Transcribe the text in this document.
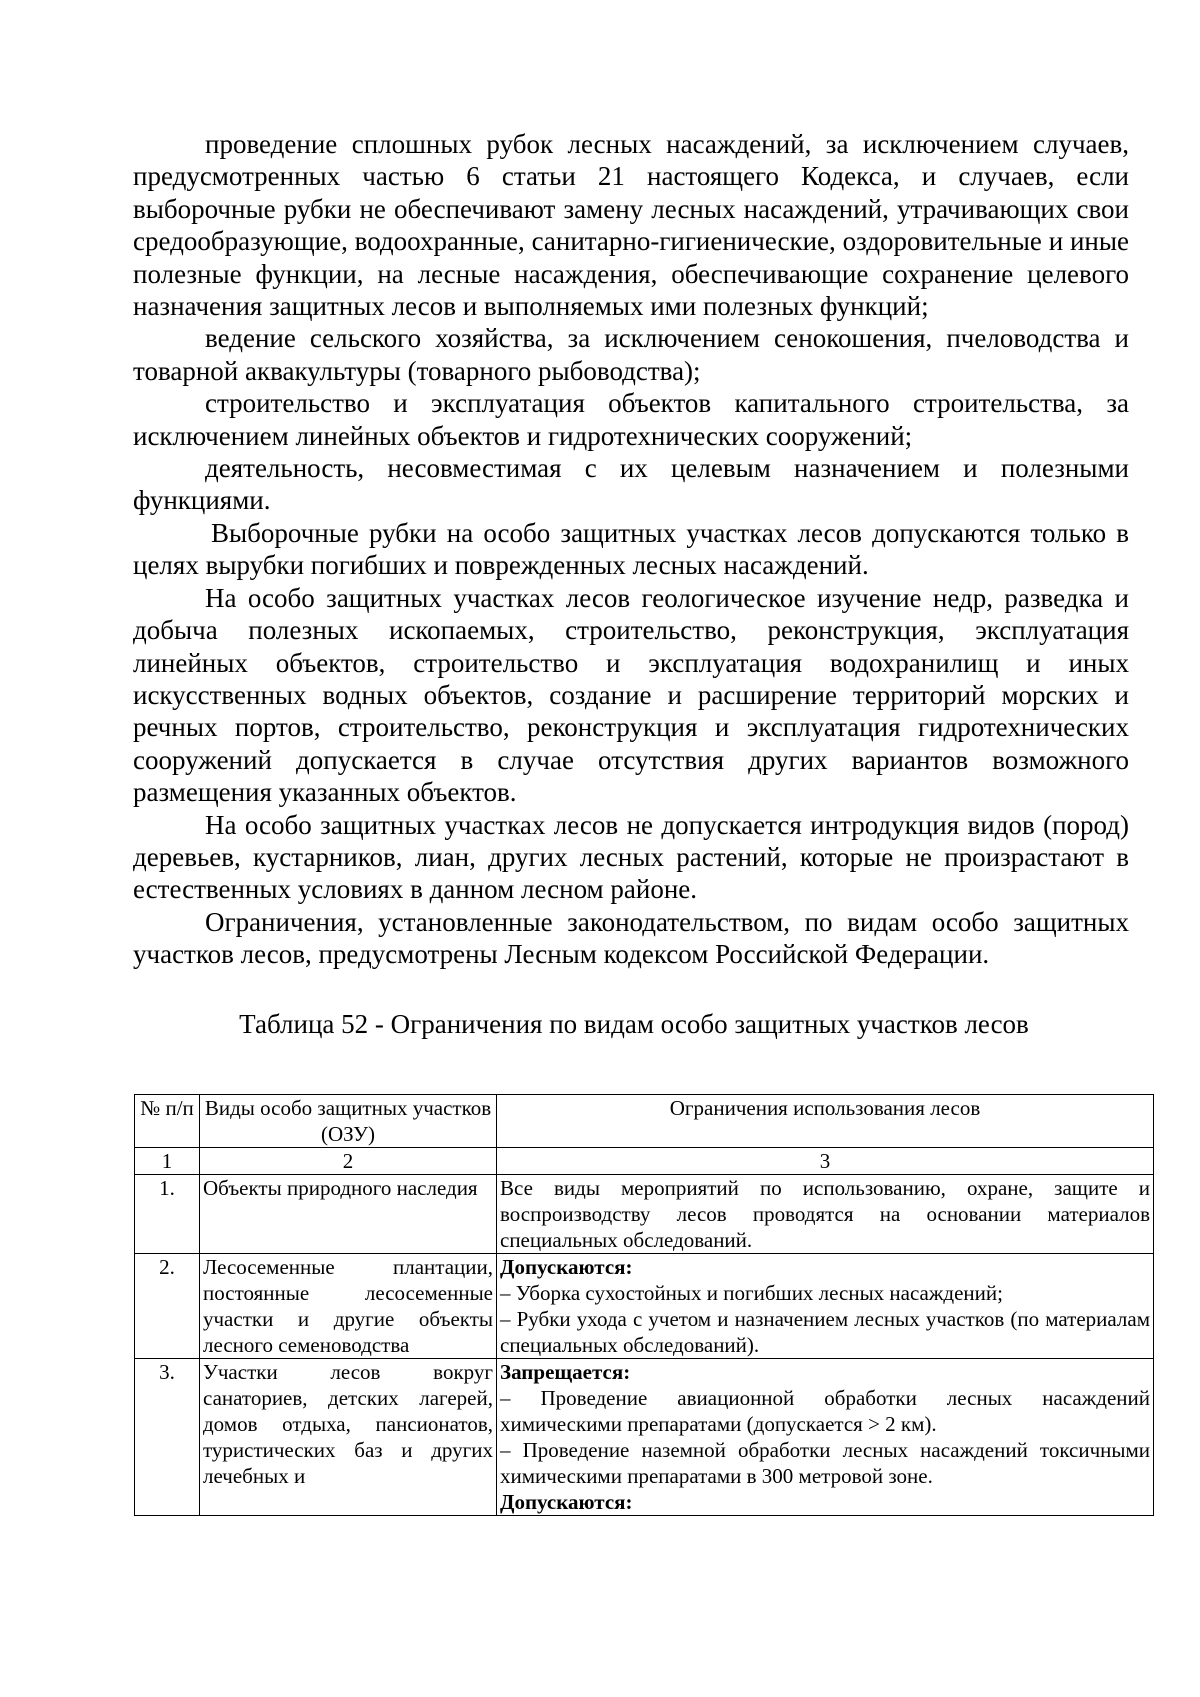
проведение сплошных рубок лесных насаждений, за исключением случаев, предусмотренных частью 6 статьи 21 настоящего Кодекса, и случаев, если выборочные рубки не обеспечивают замену лесных насаждений, утрачивающих свои средообразующие, водоохранные, санитарно-гигиенические, оздоровительные и иные полезные функции, на лесные насаждения, обеспечивающие сохранение целевого назначения защитных лесов и выполняемых ими полезных функций;

ведение сельского хозяйства, за исключением сенокошения, пчеловодства и товарной аквакультуры (товарного рыбоводства);

строительство и эксплуатация объектов капитального строительства, за исключением линейных объектов и гидротехнических сооружений;

деятельность, несовместимая с их целевым назначением и полезными функциями.

Выборочные рубки на особо защитных участках лесов допускаются только в целях вырубки погибших и поврежденных лесных насаждений.

На особо защитных участках лесов геологическое изучение недр, разведка и добыча полезных ископаемых, строительство, реконструкция, эксплуатация линейных объектов, строительство и эксплуатация водохранилищ и иных искусственных водных объектов, создание и расширение территорий морских и речных портов, строительство, реконструкция и эксплуатация гидротехнических сооружений допускается в случае отсутствия других вариантов возможного размещения указанных объектов.

На особо защитных участках лесов не допускается интродукция видов (пород) деревьев, кустарников, лиан, других лесных растений, которые не произрастают в естественных условиях в данном лесном районе.

Ограничения, установленные законодательством, по видам особо защитных участков лесов, предусмотрены Лесным кодексом Российской Федерации.

Таблица 52 - Ограничения по видам особо защитных участков лесов

№ п/п	Виды особо защитных участков (ОЗУ)	Ограничения использования лесов
1	2	3
1.	Объекты природного наследия	Все виды мероприятий по использованию, охране, защите и воспроизводству лесов проводятся на основании материалов специальных обследований.
2.	Лесосеменные плантации, постоянные лесосеменные участки и другие объекты лесного семеноводства	Допускаются:
– Уборка сухостойных и погибших лесных насаждений;
– Рубки ухода с учетом и назначением лесных участков (по материалам специальных обследований).

3.	Участки лесов вокруг санаториев, детских лагерей, домов отдыха, пансионатов, туристических баз и других лечебных и	Запрещается:
– Проведение авиационной обработки лесных насаждений химическими препаратами (допускается > 2 км).
– Проведение наземной обработки лесных насаждений токсичными химическими препаратами в 300 метровой зоне.
Допускаются:
